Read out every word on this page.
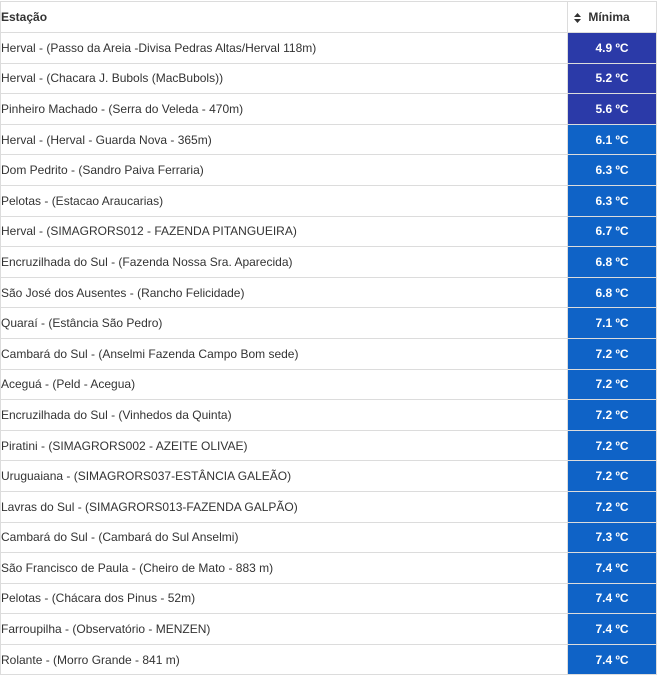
Estação	Mínima
Herval - (Passo da Areia -Divisa Pedras Altas/Herval 118m)	4.9 ºC
Herval - (Chacara J. Bubols (MacBubols))	5.2 ºC
Pinheiro Machado - (Serra do Veleda - 470m)	5.6 ºC
Herval - (Herval - Guarda Nova - 365m)	6.1 ºC
Dom Pedrito - (Sandro Paiva Ferraria)	6.3 ºC
Pelotas - (Estacao Araucarias)	6.3 ºC
Herval - (SIMAGRORS012 - FAZENDA PITANGUEIRA)	6.7 ºC
Encruzilhada do Sul - (Fazenda Nossa Sra. Aparecida)	6.8 ºC
São José dos Ausentes - (Rancho Felicidade)	6.8 ºC
Quaraí - (Estância São Pedro)	7.1 ºC
Cambará do Sul - (Anselmi Fazenda Campo Bom sede)	7.2 ºC
Aceguá - (Peld - Acegua)	7.2 ºC
Encruzilhada do Sul - (Vinhedos da Quinta)	7.2 ºC
Piratini - (SIMAGRORS002 - AZEITE OLIVAE)	7.2 ºC
Uruguaiana - (SIMAGRORS037-ESTÂNCIA GALEÃO)	7.2 ºC
Lavras do Sul - (SIMAGRORS013-FAZENDA GALPÃO)	7.2 ºC
Cambará do Sul - (Cambará do Sul Anselmi)	7.3 ºC
São Francisco de Paula - (Cheiro de Mato - 883 m)	7.4 ºC
Pelotas - (Chácara dos Pinus - 52m)	7.4 ºC
Farroupilha - (Observatório - MENZEN)	7.4 ºC
Rolante - (Morro Grande - 841 m)	7.4 ºC
